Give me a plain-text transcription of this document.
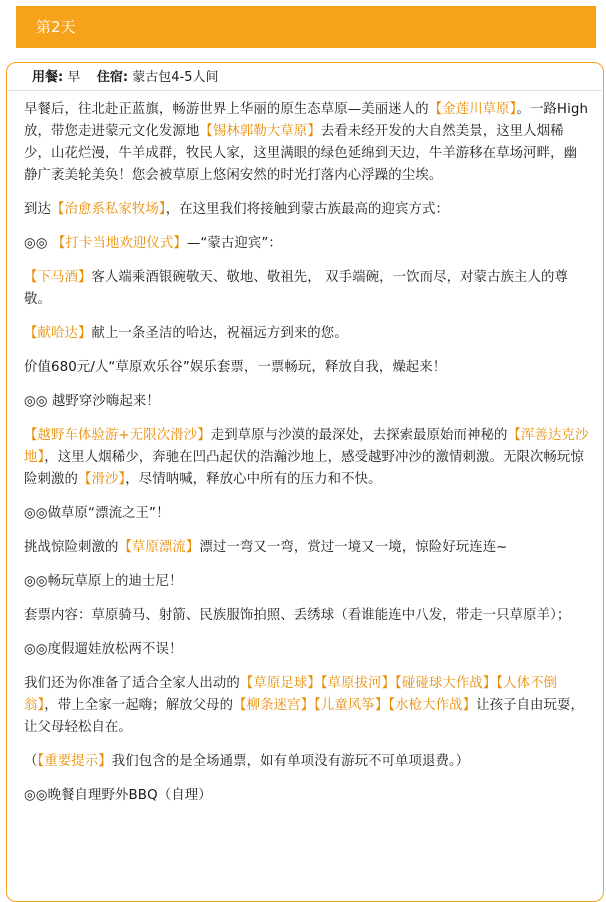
第2天
用餐: 早 住宿: 蒙古包4-5人间

早餐后，往北赴正蓝旗，畅游世界上华丽的原生态草原—美丽迷人的【金莲川草原】。一路High放，带您走进蒙元文化发源地【锡林郭勒大草原】去看未经开发的大自然美景，这里人烟稀少，山花烂漫，牛羊成群，牧民人家，这里满眼的绿色延绵到天边，牛羊游移在草场河畔，幽静广袤美轮美奂！您会被草原上悠闲安然的时光打落内心浮躁的尘埃。

到达【治愈系私家牧场】，在这里我们将接触到蒙古族最高的迎宾方式：

◎◎ 【打卡当地欢迎仪式】—“蒙古迎宾”：

【下马酒】客人端乘酒银碗敬天、敬地、敬祖先， 双手端碗，一饮而尽，对蒙古族主人的尊敬。

【献哈达】献上一条圣洁的哈达，祝福远方到来的您。

价值680元/人“草原欢乐谷”娱乐套票，一票畅玩，释放自我，燥起来！

◎◎ 越野穿沙嗨起来！

【越野车体验游+无限次滑沙】走到草原与沙漠的最深处，去探索最原始而神秘的【浑善达克沙地】，这里人烟稀少，奔驰在凹凸起伏的浩瀚沙地上，感受越野冲沙的激情刺激。无限次畅玩惊险刺激的【滑沙】，尽情呐喊，释放心中所有的压力和不快。

◎◎做草原“漂流之王”！

挑战惊险刺激的【草原漂流】漂过一弯又一弯，赏过一境又一境，惊险好玩连连~

◎◎畅玩草原上的迪士尼！

套票内容：草原骑马、射箭、民族服饰拍照、丢绣球（看谁能连中八发，带走一只草原羊）；

◎◎度假遛娃放松两不误！

我们还为你准备了适合全家人出动的【草原足球】【草原拔河】【碰碰球大作战】【人体不倒翁】，带上全家一起嗨；解放父母的【柳条迷宫】【儿童风筝】【水枪大作战】让孩子自由玩耍，让父母轻松自在。

（【重要提示】我们包含的是全场通票，如有单项没有游玩不可单项退费。）

◎◎晚餐自理野外BBQ（自理）
